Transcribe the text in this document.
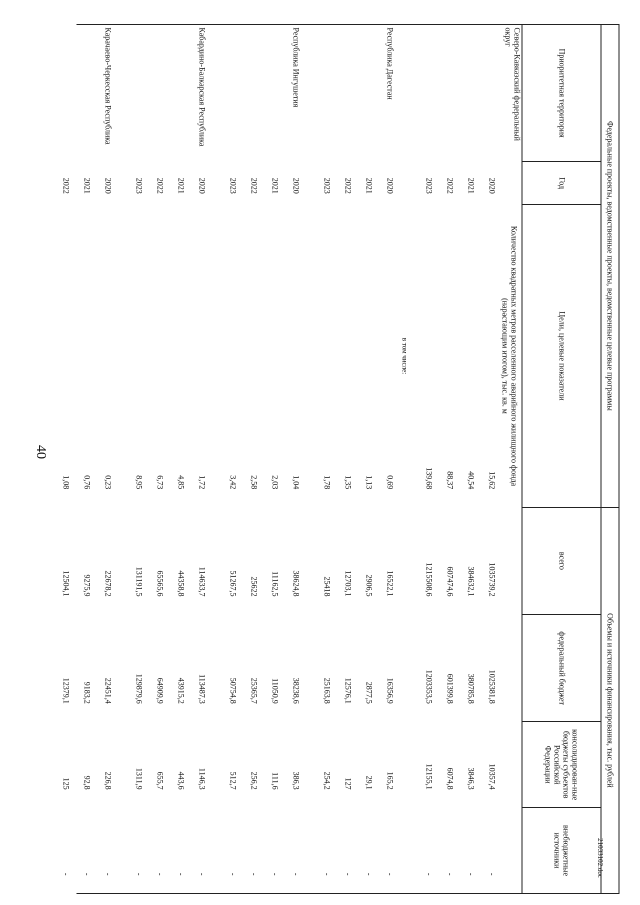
40
Федеральные проекты, ведомственные проекты, ведомственные целевые программы			Объемы и источники финансирования, тыс. рублей			
Приоритетная территория	Год	Цели, целевые показатели	всего	федеральный бюджет	консолидирован-ные бюджеты субъектов Российской Федерации	внебюджетные источники
Северо-Кавказский федеральный округ		Количество квадратных метров расселенного аварийного жилищного фонда (нарастающим итогом), тыс. кв. м				
	2020	15,62	1035739,2	1025381,8	10357,4	-
	2021	40,54	384632,1	380785,8	3846,3	-
	2022	88,37	607474,6	601399,8	6074,8	-
	2023	139,68	1215508,6	1203353,5	12155,1	-
		в том числе:				
Республика Дагестан	2020	0,69	16522,1	16356,9	165,2	-
	2021	1,13	2906,5	2877,5	29,1	-
	2022	1,35	12703,1	12576,1	127	-
	2023	1,78	25418	25163,8	254,2	-

Республика Ингушетия	2020	1,04	38624,8	38238,6	386,3	-
	2021	2,03	11162,5	11050,9	111,6	-
	2022	2,58	25622	25365,7	256,2	-
	2023	3,42	51267,5	50754,8	512,7	-

Кабардино-Балкарская Республика	2020	1,72	114633,7	113487,3	1146,3	-
	2021	4,85	44358,8	43915,2	443,6	-
	2022	6,73	65565,6	64909,9	655,7	-
	2023	8,95	131191,5	129879,6	1311,9	-

Карачаево-Черкесская Республика	2020	0,23	22678,2	22451,4	226,8	-
	2021	0,76	9275,9	9183,2	92,8	-
	2022	1,08	12504,1	12379,1	125	-
							21033102.doc
